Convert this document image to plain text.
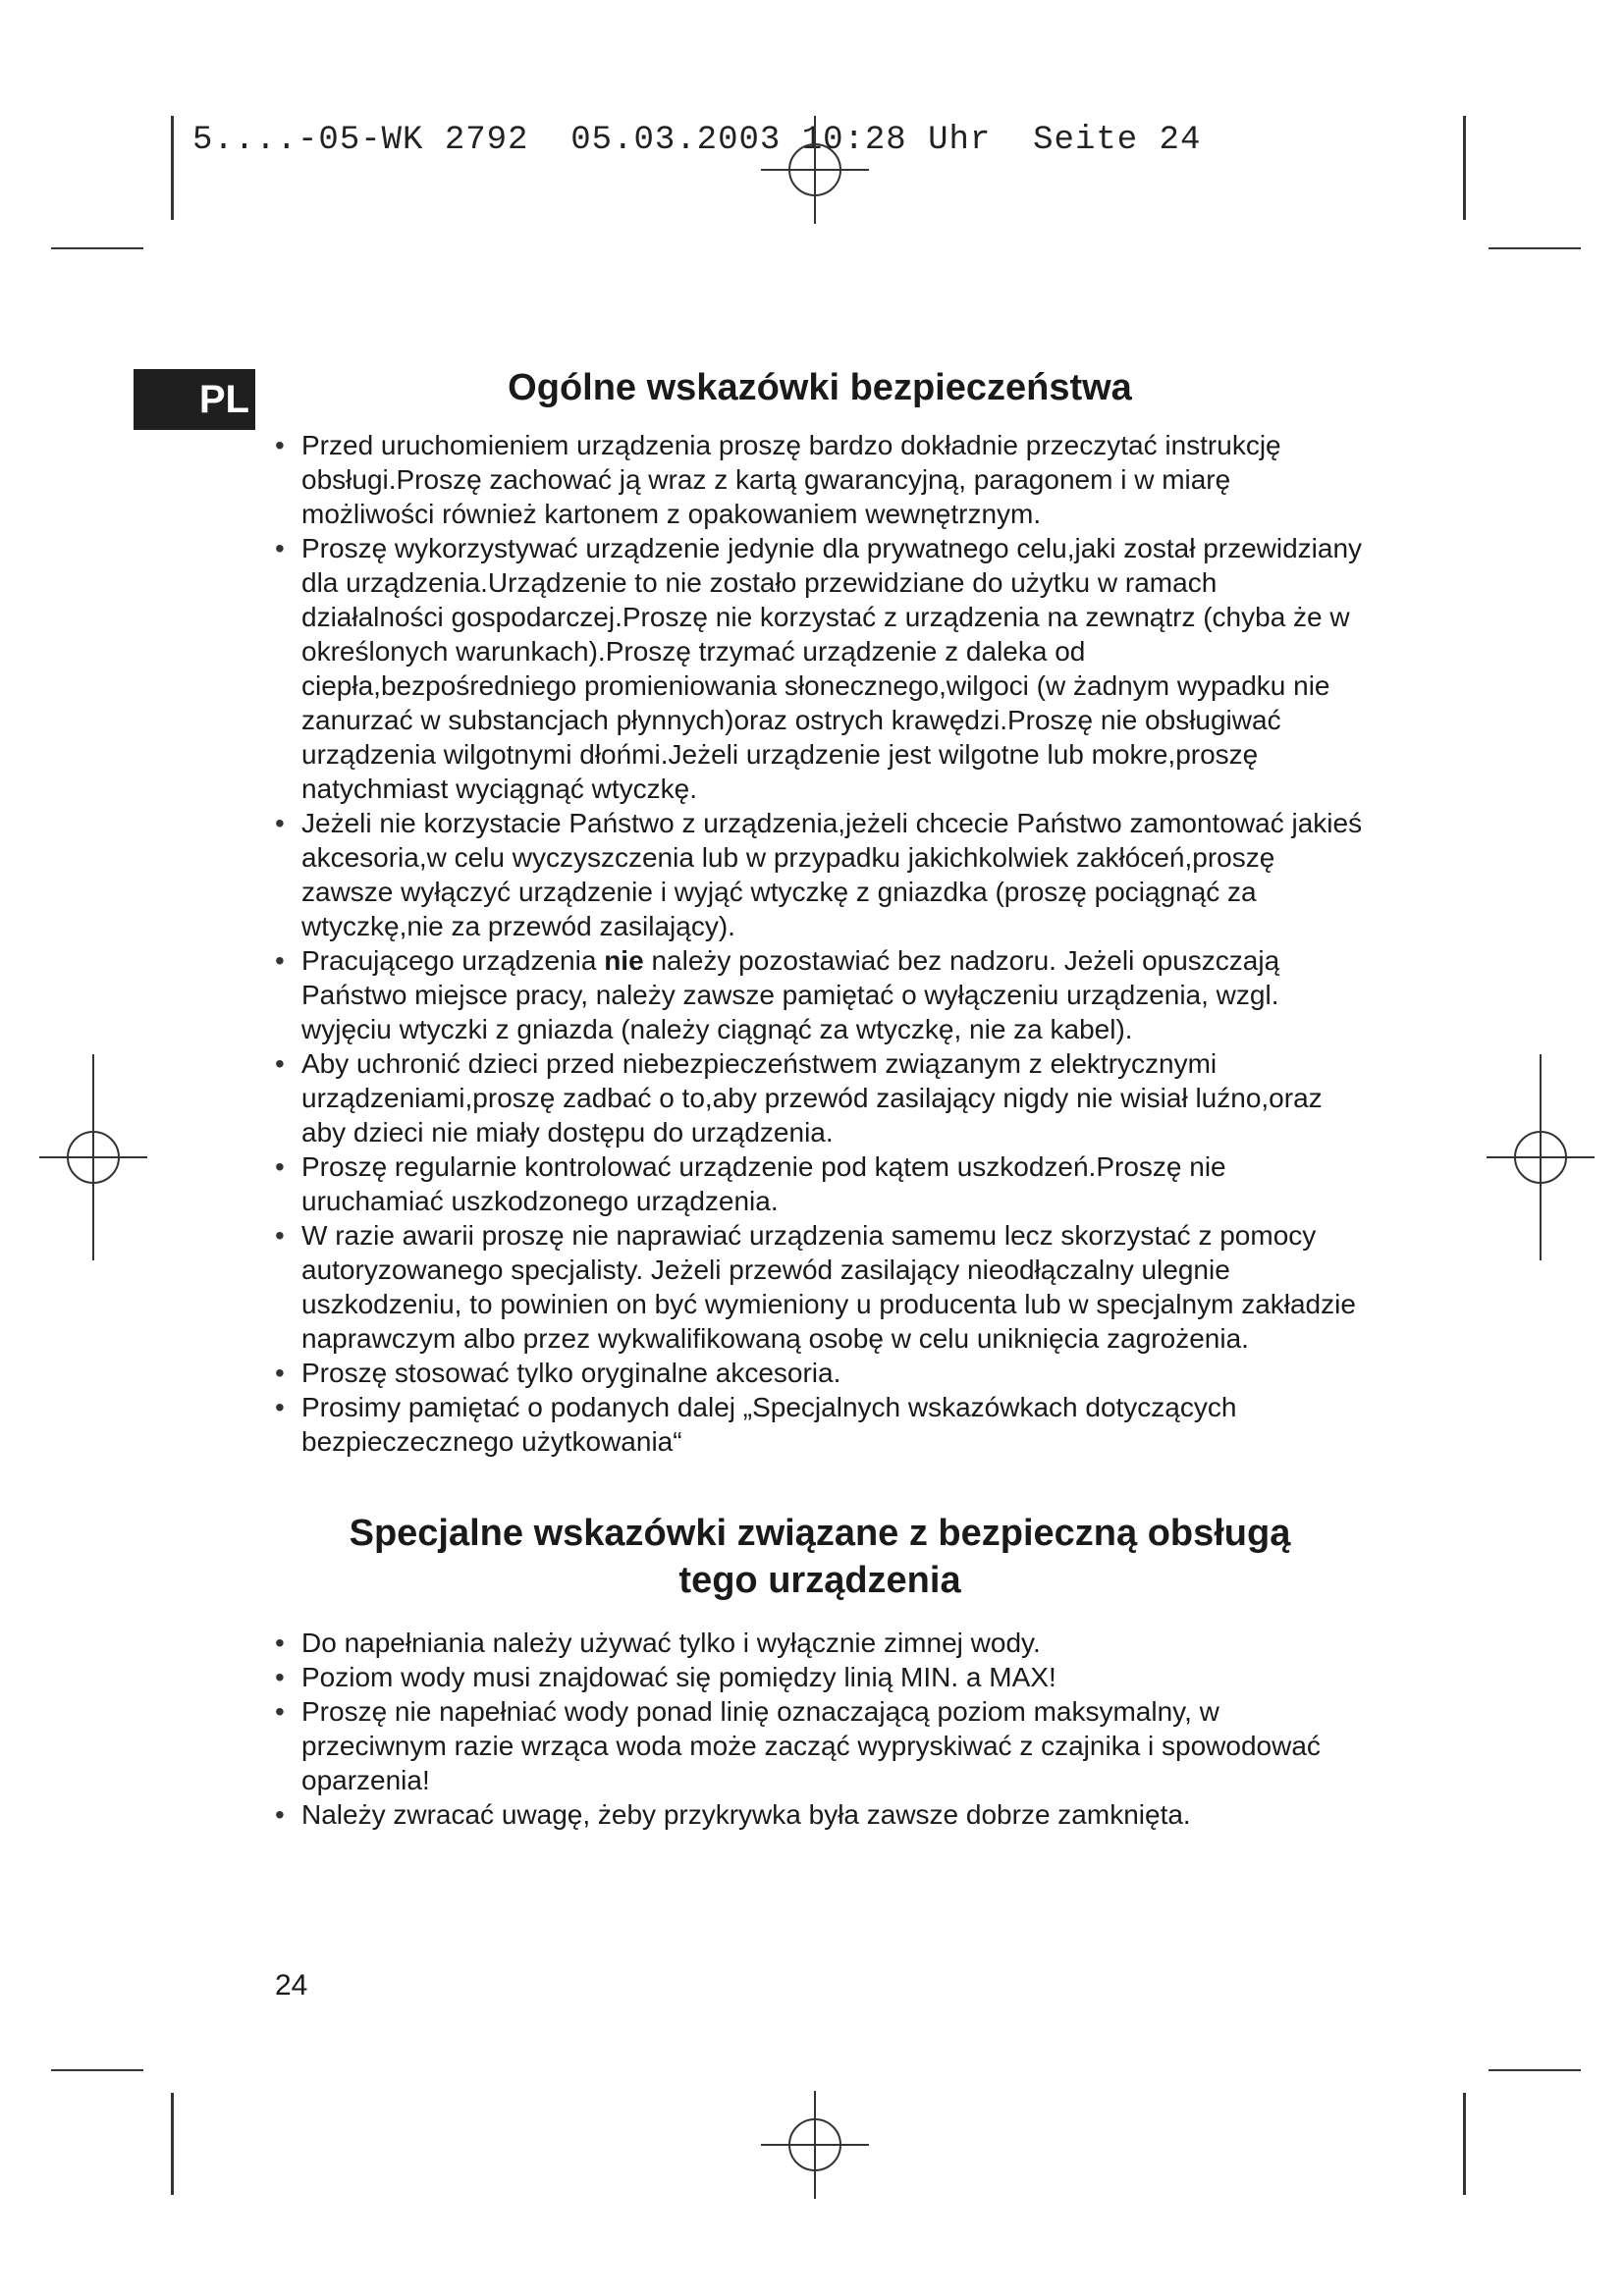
5....-05-WK 2792  05.03.2003 10:28 Uhr  Seite 24
PL	Ogólne wskazówki bezpieczeństwa
• Przed uruchomieniem urządzenia proszę bardzo dokładnie przeczytać instrukcję obsługi.Proszę zachować ją wraz z kartą gwarancyjną, paragonem i w miarę możliwości również kartonem z opakowaniem wewnętrznym.
• Proszę wykorzystywać urządzenie jedynie dla prywatnego celu,jaki został przewidziany dla urządzenia.Urządzenie to nie zostało przewidziane do użytku w ramach działalności gospodarczej.Proszę nie korzystać z urządzenia na zewnątrz (chyba że w określonych warunkach).Proszę trzymać urządzenie z daleka od ciepła,bezpośredniego promieniowania słonecznego,wilgoci (w żadnym wypadku nie zanurzać w substancjach płynnych)oraz ostrych krawędzi.Proszę nie obsługiwać urządzenia wilgotnymi dłońmi.Jeżeli urządzenie jest wilgotne lub mokre,proszę natychmiast wyciągnąć wtyczkę.
• Jeżeli nie korzystacie Państwo z urządzenia,jeżeli chcecie Państwo zamontować jakieś akcesoria,w celu wyczyszczenia lub w przypadku jakichkolwiek zakłóceń,proszę zawsze wyłączyć urządzenie i wyjąć wtyczkę z gniazdka (proszę pociągnąć za wtyczkę,nie za przewód zasilający).
• Pracującego urządzenia nie należy pozostawiać bez nadzoru. Jeżeli opuszczają Państwo miejsce pracy, należy zawsze pamiętać o wyłączeniu urządzenia, wzgl. wyjęciu wtyczki z gniazda (należy ciągnąć za wtyczkę, nie za kabel).
• Aby uchronić dzieci przed niebezpieczeństwem związanym z elektrycznymi urządzeniami,proszę zadbać o to,aby przewód zasilający nigdy nie wisiał luźno,oraz aby dzieci nie miały dostępu do urządzenia.
• Proszę regularnie kontrolować urządzenie pod kątem uszkodzeń.Proszę nie uruchamiać uszkodzonego urządzenia.
• W razie awarii proszę nie naprawiać urządzenia samemu lecz skorzystać z pomocy autoryzowanego specjalisty. Jeżeli przewód zasilający nieodłączalny ulegnie uszkodzeniu, to powinien on być wymieniony u producenta lub w specjalnym zakładzie naprawczym albo przez wykwalifikowaną osobę w celu uniknięcia zagrożenia.
• Proszę stosować tylko oryginalne akcesoria.
• Prosimy pamiętać o podanych dalej „Specjalnych wskazówkach dotyczących bezpieczecznego użytkowania“
Specjalne wskazówki związane z bezpieczną obsługą
tego urządzenia
• Do napełniania należy używać tylko i wyłącznie zimnej wody.
• Poziom wody musi znajdować się pomiędzy linią MIN. a MAX!
• Proszę nie napełniać wody ponad linię oznaczającą poziom maksymalny, w przeciwnym razie wrząca woda może zacząć wypryskiwać z czajnika i spowodować oparzenia!
• Należy zwracać uwagę, żeby przykrywka była zawsze dobrze zamknięta.
24
